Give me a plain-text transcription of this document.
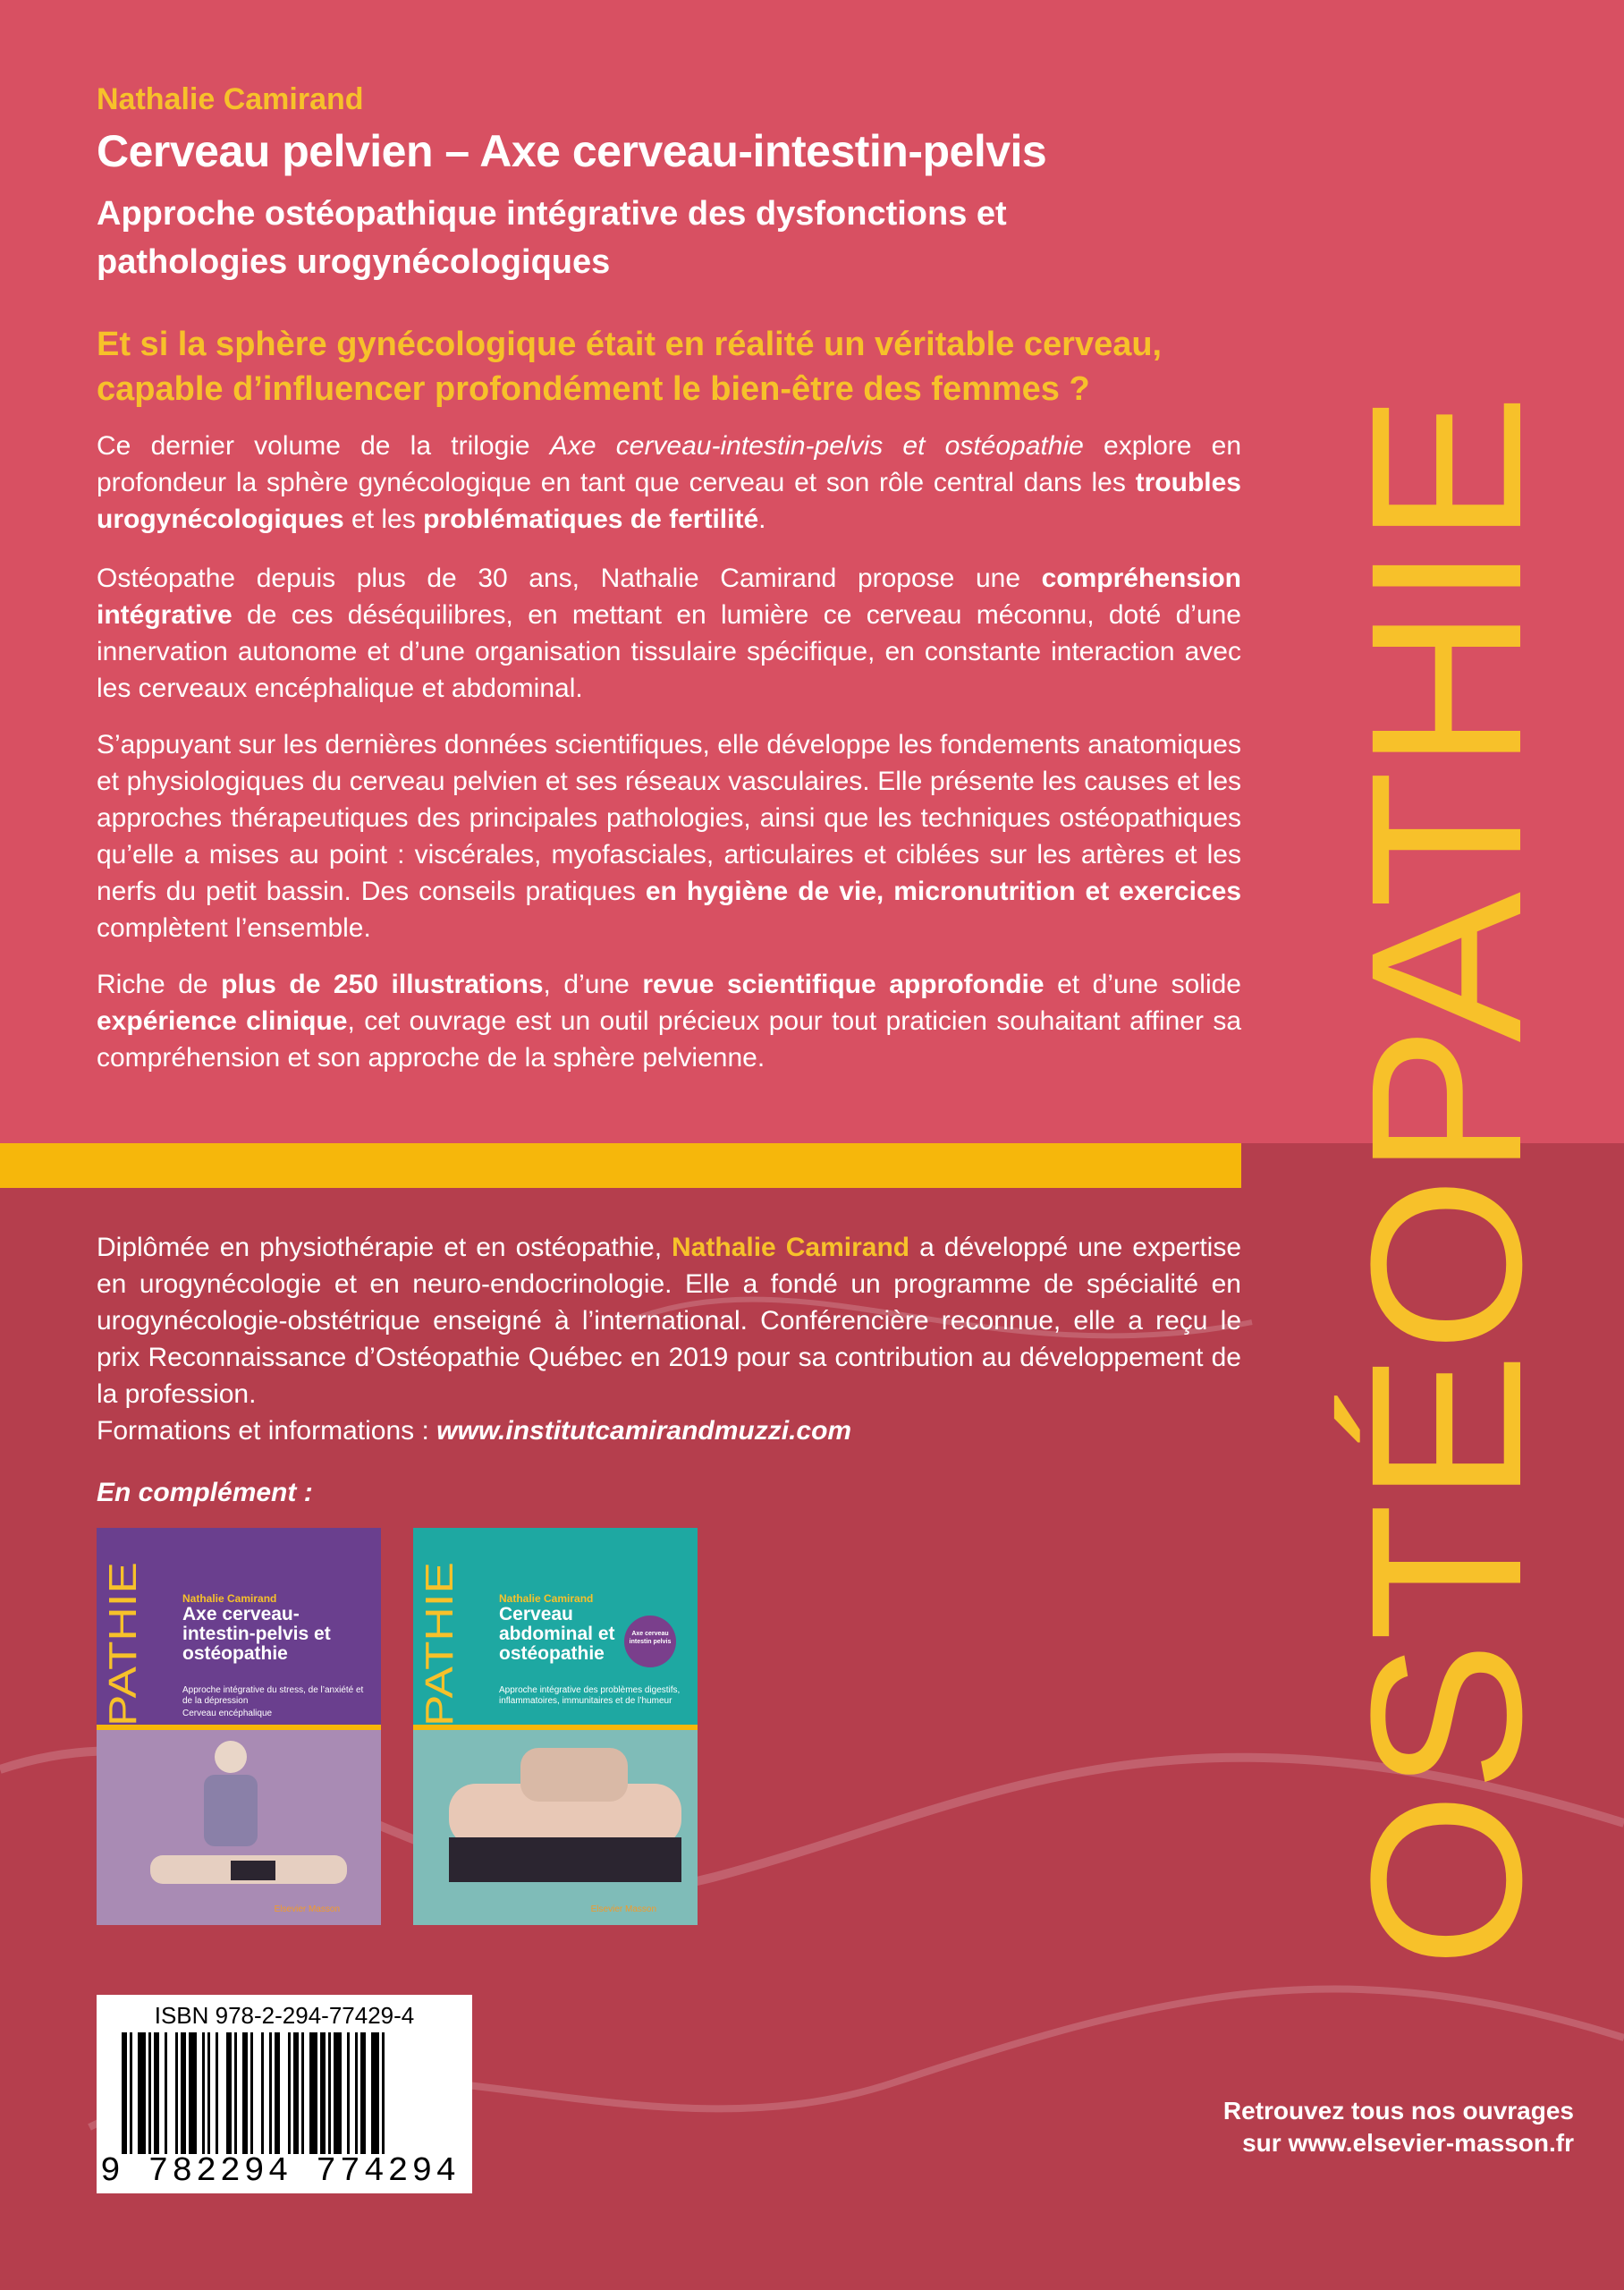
Nathalie Camirand
Cerveau pelvien – Axe cerveau-intestin-pelvis
Approche ostéopathique intégrative des dysfonctions et pathologies urogynécologiques
Et si la sphère gynécologique était en réalité un véritable cerveau, capable d’influencer profondément le bien-être des femmes ?
Ce dernier volume de la trilogie Axe cerveau-intestin-pelvis et ostéopathie explore en profondeur la sphère gynécologique en tant que cerveau et son rôle central dans les troubles urogynécologiques et les problématiques de fertilité.
Ostéopathe depuis plus de 30 ans, Nathalie Camirand propose une compréhension intégrative de ces déséquilibres, en mettant en lumière ce cerveau méconnu, doté d’une innervation autonome et d’une organisation tissulaire spécifique, en constante interaction avec les cerveaux encéphalique et abdominal.
S’appuyant sur les dernières données scientifiques, elle développe les fondements anatomiques et physiologiques du cerveau pelvien et ses réseaux vasculaires. Elle présente les causes et les approches thérapeutiques des principales pathologies, ainsi que les techniques ostéopathiques qu’elle a mises au point : viscérales, myofasciales, articulaires et ciblées sur les artères et les nerfs du petit bassin. Des conseils pratiques en hygiène de vie, micronutrition et exercices complètent l’ensemble.
Riche de plus de 250 illustrations, d’une revue scientifique approfondie et d’une solide expérience clinique, cet ouvrage est un outil précieux pour tout praticien souhaitant affiner sa compréhension et son approche de la sphère pelvienne.	OSTÉOPATHIE
Diplômée en physiothérapie et en ostéopathie, Nathalie Camirand a développé une expertise en urogynécologie et en neuro-endocrinologie. Elle a fondé un programme de spécialité en urogynécologie-obstétrique enseigné à l’international. Conférencière reconnue, elle a reçu le prix Reconnaissance d’Ostéopathie Québec en 2019 pour sa contribution au développement de la profession.
Formations et informations : www.institutcamirandmuzzi.com
En complément :
Nathalie Camirand
Axe cerveau-intestin-pelvis et ostéopathie
Approche intégrative du stress, de l’anxiété et de la dépression
Cerveau encéphalique
Elsevier Masson
Nathalie Camirand
Cerveau abdominal et ostéopathie
Axe cerveau intestin pelvis
Approche intégrative des problèmes digestifs, inflammatoires, immunitaires et de l’humeur
Elsevier Masson
ISBN 978-2-294-77429-4
9 782294 774294
Retrouvez tous nos ouvrages
sur www.elsevier-masson.fr
